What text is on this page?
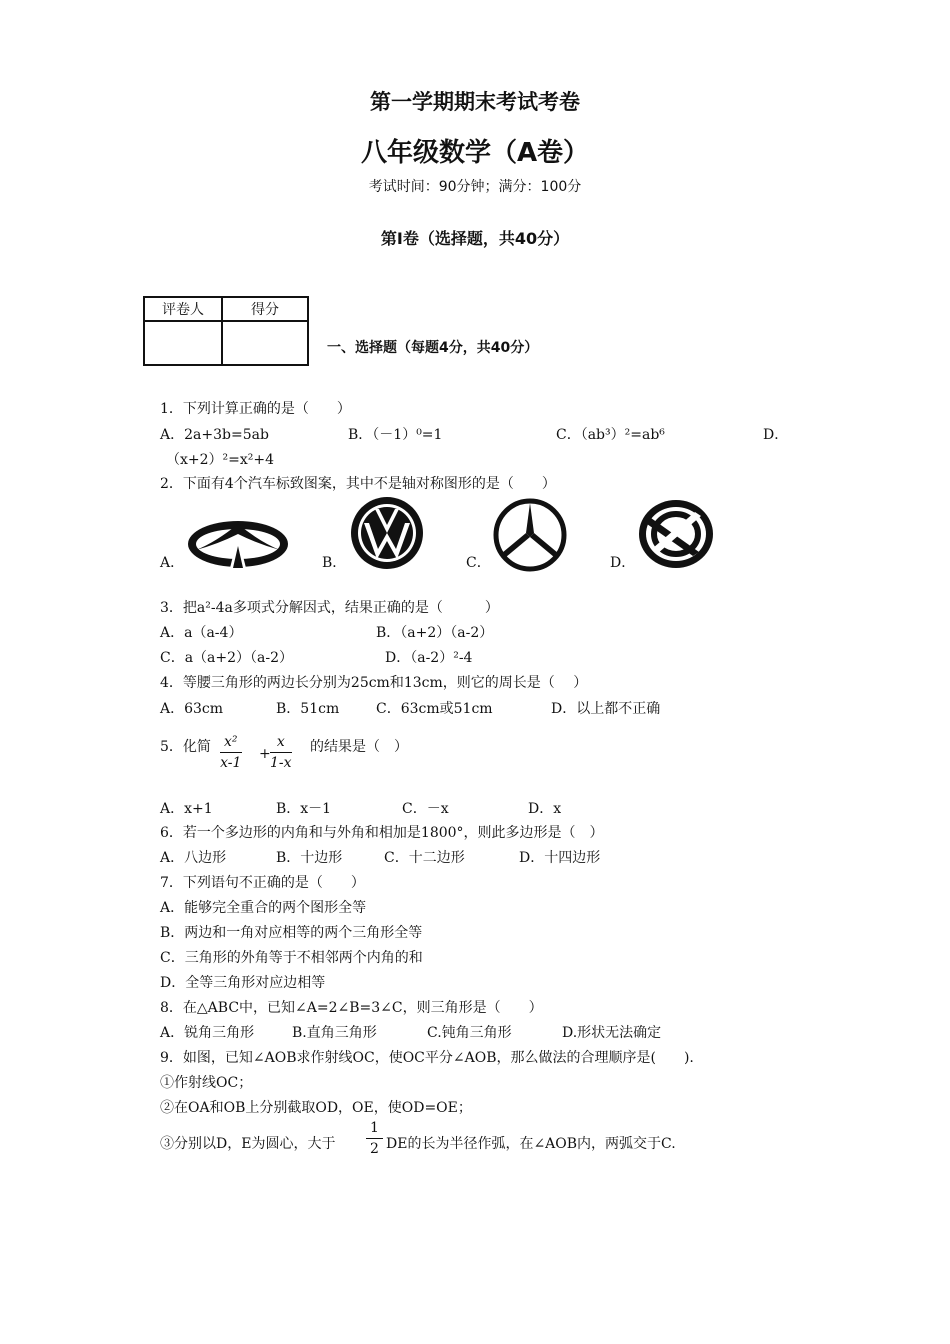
第一学期期末考试考卷
八年级数学（A卷）
考试时间：90分钟；满分：100分
第Ⅰ卷（选择题，共40分）
评卷人	得分

一、选择题（每题4分，共40分）
1．下列计算正确的是（　　）
A．2a+3b=5ab	B．（－1）⁰=1	C．（ab³）²=ab⁶	D．
（x+2）²=x²+4
2．下面有4个汽车标致图案，其中不是轴对称图形的是（　　）
A．	B．	C．	D．
3．把a²-4a多项式分解因式，结果正确的是（　　　）
A．a（a-4）	B．（a+2）（a-2）
C．a（a+2）（a-2）	D．（a-2）²-4
4．等腰三角形的两边长分别为25cm和13cm，则它的周长是（　 ）
A．63cm	B．51cm	C．63cm或51cm	D．以上都不正确
5．化简 $\frac{\text{x²}}{x-1} + \frac{x}{1-x}$ 的结果是（　）
A．x+1	B．x－1	C．－x	D．x
6．若一个多边形的内角和与外角和相加是1800°，则此多边形是（　）
A．八边形	B．十边形	C．十二边形	D．十四边形
7．下列语句不正确的是（　　）
A．能够完全重合的两个图形全等
B．两边和一角对应相等的两个三角形全等
C．三角形的外角等于不相邻两个内角的和
D．全等三角形对应边相等
8．在△ABC中，已知∠A=2∠B=3∠C，则三角形是（　　）
A．锐角三角形	B.直角三角形	C.钝角三角形	D.形状无法确定
9．如图，已知∠AOB求作射线OC，使OC平分∠AOB，那么做法的合理顺序是(　　).
①作射线OC；
②在OA和OB上分别截取OD，OE，使OD=OE；
③分别以D，E为圆心，大于 $\frac{1}{2}$ DE的长为半径作弧，在∠AOB内，两弧交于C.
